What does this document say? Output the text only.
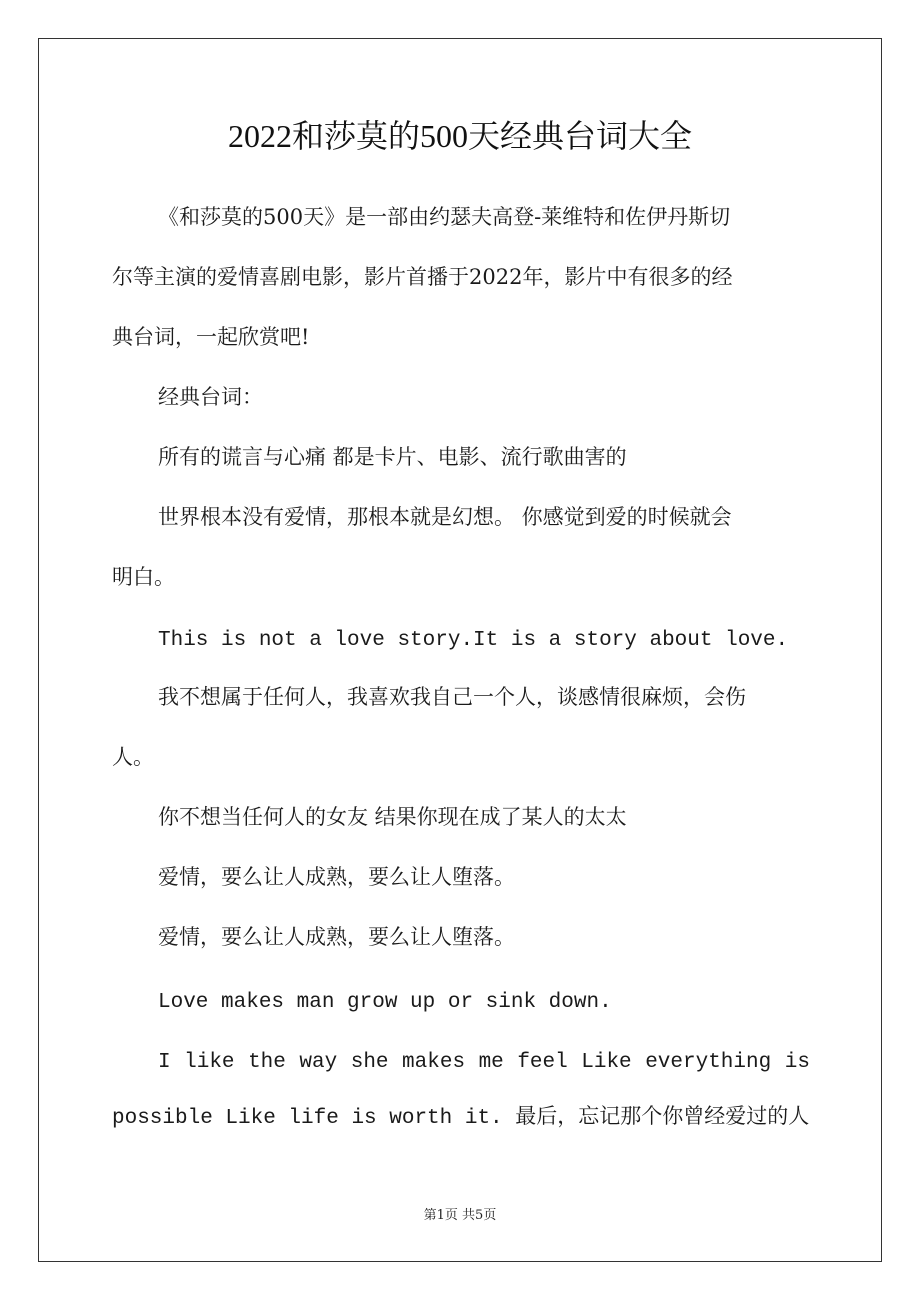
2022和莎莫的500天经典台词大全
《和莎莫的500天》是一部由约瑟夫高登-莱维特和佐伊丹斯切
尔等主演的爱情喜剧电影，影片首播于2022年，影片中有很多的经
典台词，一起欣赏吧!
经典台词：
所有的谎言与心痛 都是卡片、电影、流行歌曲害的
世界根本没有爱情，那根本就是幻想。 你感觉到爱的时候就会
明白。
This is not a love story.It is a story about love.
我不想属于任何人，我喜欢我自己一个人，谈感情很麻烦，会伤
人。
你不想当任何人的女友 结果你现在成了某人的太太
爱情，要么让人成熟，要么让人堕落。
爱情，要么让人成熟，要么让人堕落。
Love makes man grow up or sink down.
I like the way she makes me feel Like everything is
possible Like life is worth it. 最后，忘记那个你曾经爱过的人
第1页 共5页
